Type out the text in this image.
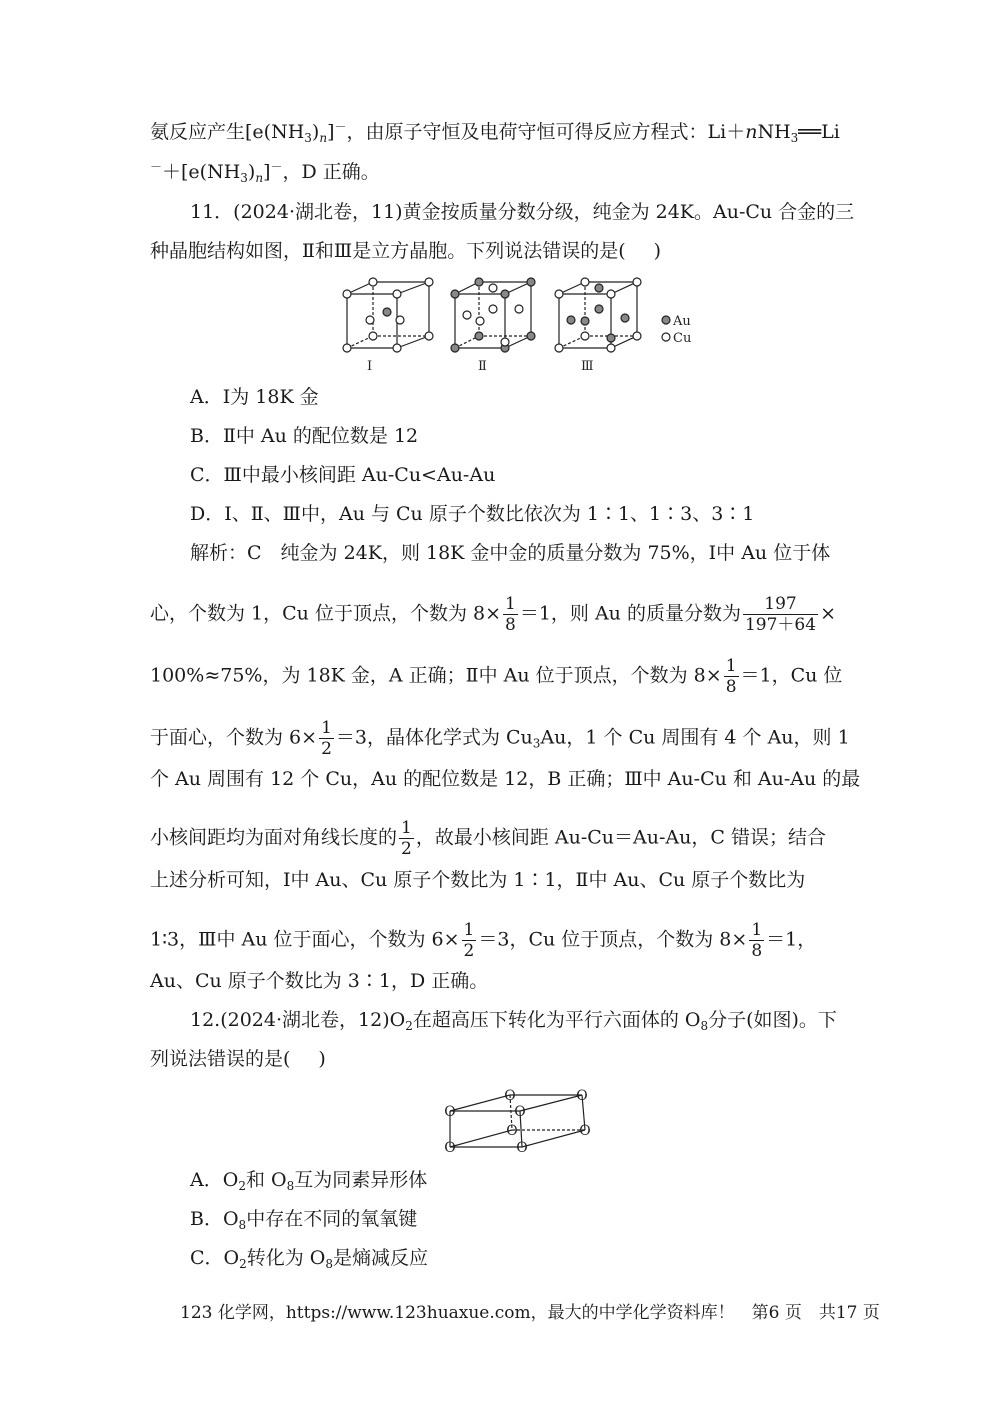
氨反应产生$[e(NH_3)_n]^-$，由原子守恒及电荷守恒可得反应方程式：Li＋nNH$_3$══Li
$^-+[e(NH_3)_n]^-$，D 正确。
11．(2024·湖北卷，11)黄金按质量分数分级，纯金为 24K。Au-Cu 合金的三
种晶胞结构如图，Ⅱ和Ⅲ是立方晶胞。下列说法错误的是( )
Au
Cu
Ⅰ	Ⅱ	Ⅲ
A．Ⅰ为 18K 金
B．Ⅱ中 Au 的配位数是 12
C．Ⅲ中最小核间距 Au-Cu<Au-Au
D．Ⅰ、Ⅱ、Ⅲ中，Au 与 Cu 原子个数比依次为 1∶1、1∶3、3∶1
解析：C　纯金为 24K，则 18K 金中金的质量分数为 75%，Ⅰ中 Au 位于体
心，个数为 1，Cu 位于顶点，个数为 $8\times \frac{1}{8} =1$，则 Au 的质量分数为 $\frac{197}{197+64}$ ×
100%≈75%，为 18K 金，A 正确；Ⅱ中 Au 位于顶点，个数为 $8\times \frac{1}{8} =1$，Cu 位
于面心，个数为 $6\times \frac{1}{2} =3$，晶体化学式为 $Cu_3Au$，1 个 Cu 周围有 4 个 Au，则 1
个 Au 周围有 12 个 Cu，Au 的配位数是 12，B 正确；Ⅲ中 Au-Cu 和 Au-Au 的最
小核间距均为面对角线长度的 $\frac{1}{2}$ ，故最小核间距 Au-Cu＝Au-Au，C 错误；结合
上述分析可知，Ⅰ中 Au、Cu 原子个数比为 1∶1，Ⅱ中 Au、Cu 原子个数比为
1∶3，Ⅲ中 Au 位于面心，个数为 $6\times \frac{1}{2} =3$，Cu 位于顶点，个数为 $8\times \frac{1}{8} =1$，
Au、Cu 原子个数比为 3∶1，D 正确。
12.(2024·湖北卷，$12)O_2$在超高压下转化为平行六面体的 $O_8$分子(如图)。下
列说法错误的是( )
O
O	O
O
O	O
O
O
A．$O_2$和 $O_8$互为同素异形体
B．$O_8$中存在不同的氧氧键
C．$O_2$转化为 $O_8$是熵减反应
123 化学网，https://www.123huaxue.com，最大的中学化学资料库！　第6 页　共17 页
